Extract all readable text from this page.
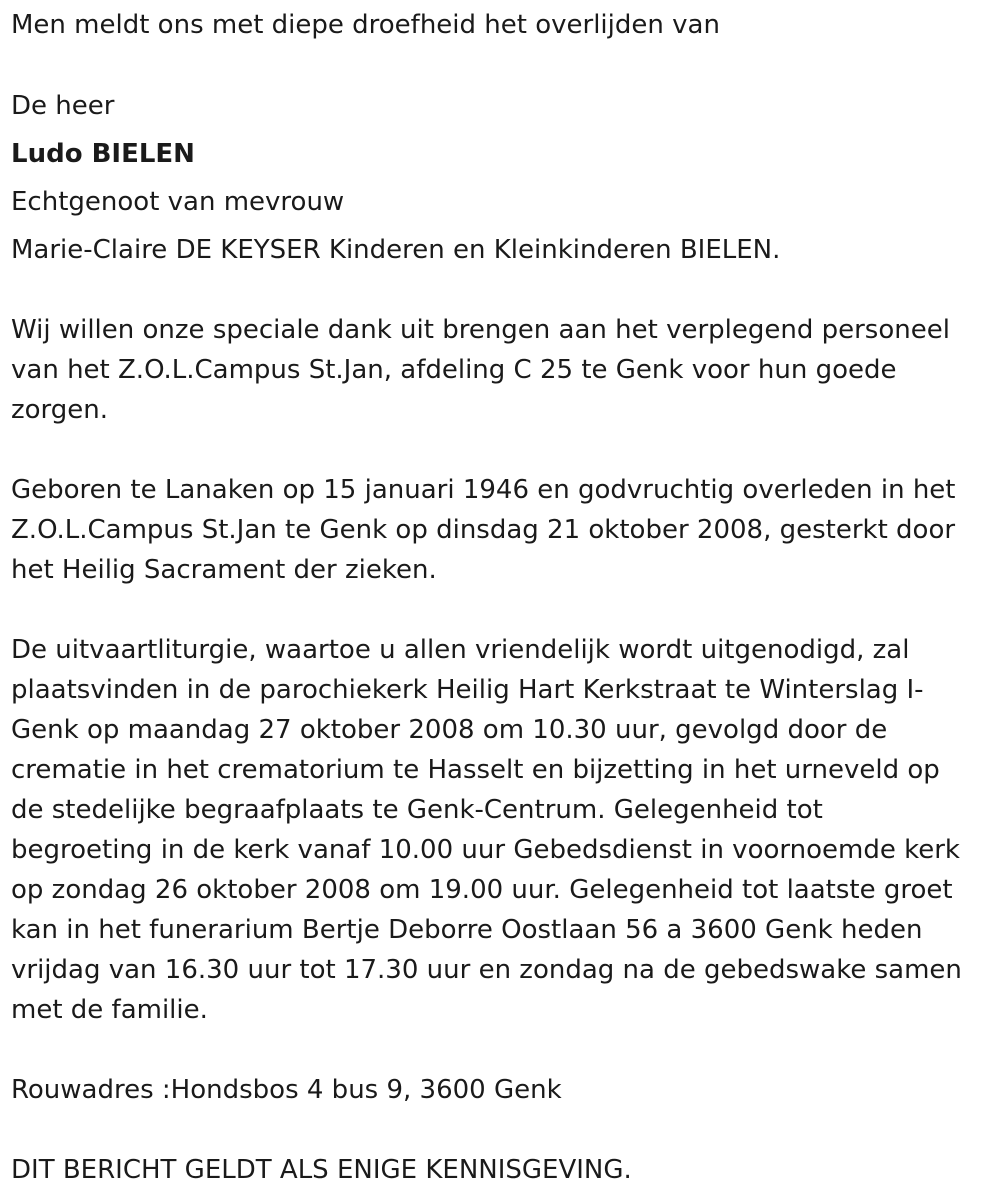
Men meldt ons met diepe droefheid het overlijden van
De heer
Ludo BIELEN
Echtgenoot van mevrouw
Marie-Claire DE KEYSER Kinderen en Kleinkinderen BIELEN.
Wij willen onze speciale dank uit brengen aan het verplegend personeel
van het Z.O.L.Campus St.Jan, afdeling C 25 te Genk voor hun goede
zorgen.
Geboren te Lanaken op 15 januari 1946 en godvruchtig overleden in het
Z.O.L.Campus St.Jan te Genk op dinsdag 21 oktober 2008, gesterkt door
het Heilig Sacrament der zieken.
De uitvaartliturgie, waartoe u allen vriendelijk wordt uitgenodigd, zal
plaatsvinden in de parochiekerk Heilig Hart Kerkstraat te Winterslag I-
Genk op maandag 27 oktober 2008 om 10.30 uur, gevolgd door de
crematie in het crematorium te Hasselt en bijzetting in het urneveld op
de stedelijke begraafplaats te Genk-Centrum. Gelegenheid tot
begroeting in de kerk vanaf 10.00 uur Gebedsdienst in voornoemde kerk
op zondag 26 oktober 2008 om 19.00 uur. Gelegenheid tot laatste groet
kan in het funerarium Bertje Deborre Oostlaan 56 a 3600 Genk heden
vrijdag van 16.30 uur tot 17.30 uur en zondag na de gebedswake samen
met de familie.
Rouwadres :Hondsbos 4 bus 9, 3600 Genk
DIT BERICHT GELDT ALS ENIGE KENNISGEVING.
